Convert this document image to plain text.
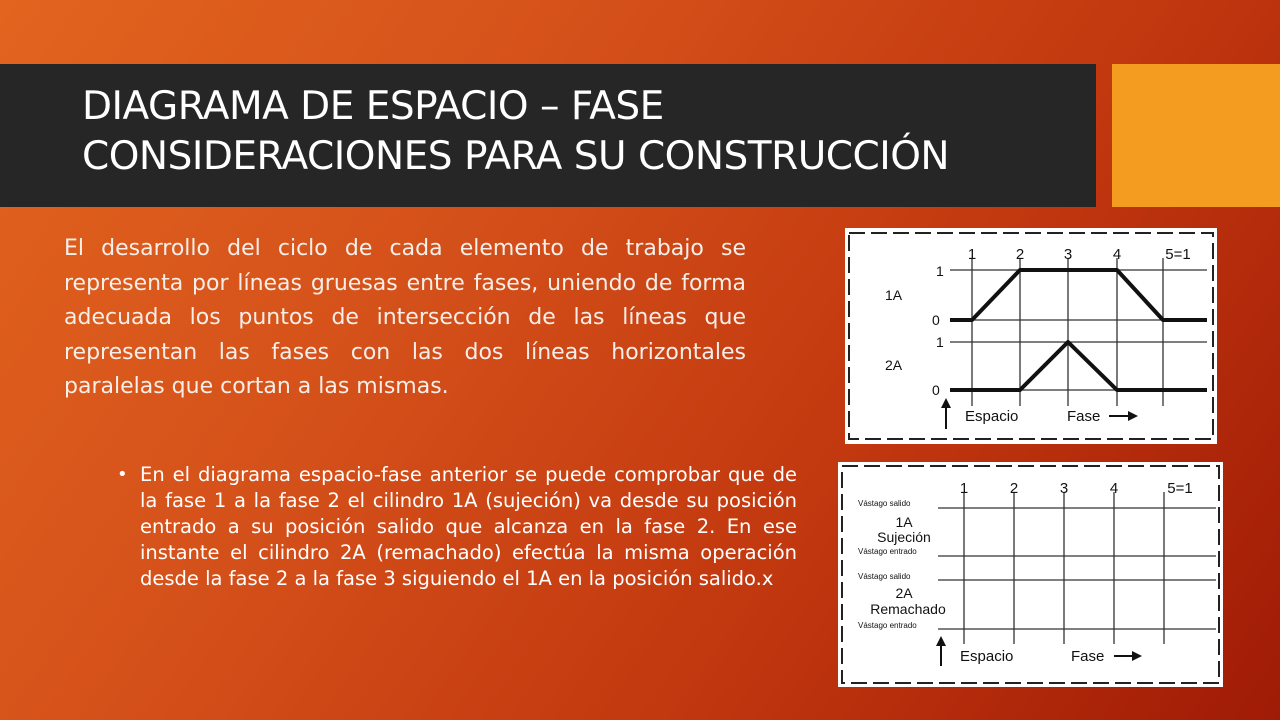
DIAGRAMA DE ESPACIO – FASE
CONSIDERACIONES PARA SU CONSTRUCCIÓN

El desarrollo del ciclo de cada elemento de trabajo se representa por líneas gruesas entre fases, uniendo de forma adecuada los puntos de intersección de las líneas que representan las fases con las dos líneas horizontales paralelas que cortan a las mismas.

• En el diagrama espacio-fase anterior se puede comprobar que de la fase 1 a la fase 2 el cilindro 1A (sujeción) va desde su posición entrado a su posición salido que alcanza en la fase 2. En ese instante el cilindro 2A (remachado) efectúa la misma operación desde la fase 2 a la fase 3 siguiendo el 1A en la posición salido.x
1	2	3	4	5=1
1
0
1
0
1A
2A
Espacio	Fase
1	2	3	4	5=1
Vástago salido
Vástago entrado
Vástago salido
Vástago entrado
1A
Sujeción
2A
Remachado
Espacio	Fase
